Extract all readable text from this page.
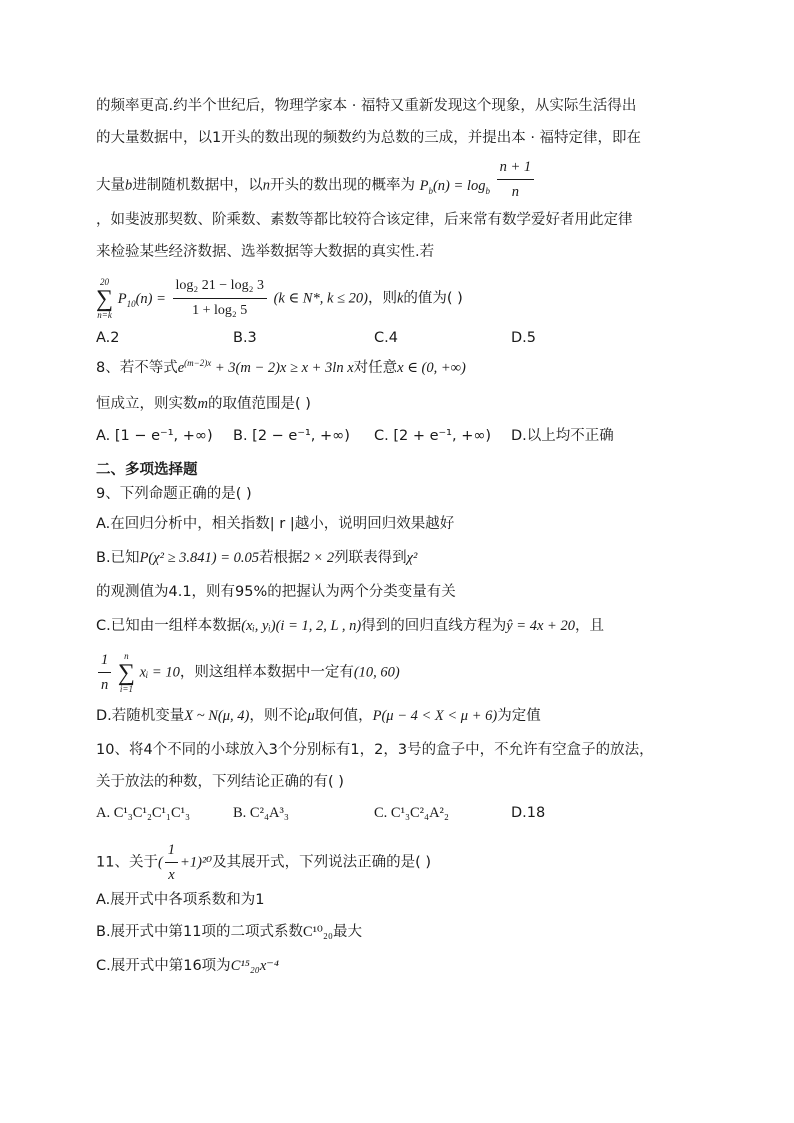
的频率更高.约半个世纪后，物理学家本 · 福特又重新发现这个现象，从实际生活得出
的大量数据中，以1开头的数出现的频数约为总数的三成，并提出本 · 福特定律，即在
大量b进制随机数据中，以n开头的数出现的概率为 $P_b(n) = \log_b \frac{n + 1}{n}$
，如斐波那契数、阶乘数、素数等都比较符合该定律，后来常有数学爱好者用此定律
来检验某些经济数据、选举数据等大数据的真实性.若
20
∑
n=k
$P_{10}(n) = \frac{\text{log₂ 21 − log₂ 3}}{\text{1 + log₂ 5}} (k$ ∈ N*, k ≤ 20)，则k的值为( )
A.2	B.3	C.4	D.5
8、若不等式$e^{(m-2)x} + 3(m - 2)x \ge x + 3\ln$ x对任意x ∈ (0, +∞)
恒成立，则实数m的取值范围是( )
A. [1 − e⁻¹, +∞) B. [2 − e⁻¹, +∞) C. [2 + e⁻¹, +∞) D.以上均不正确
二、多项选择题
9、下列命题正确的是( )
A.在回归分析中，相关指数| r |越小，说明回归效果越好
B.已知P(χ² ≥ 3.841) = 0.05若根据2 × 2列联表得到χ²
的观测值为4.1，则有95%的把握认为两个分类变量有关
C.已知由一组样本数据(xᵢ, yᵢ)(i = 1, 2, L , n)得到的回归直线方程为ŷ = 4x + 20，且
$\frac{1}{n}$
	n
∑
i=1
xᵢ = 10，则这组样本数据中一定有(10, 60)
D.若随机变量X ~ N(μ, 4)，则不论μ取何值，P(μ − 4 < X < μ + 6)为定值
10、将4个不同的小球放入3个分别标有1，2，3号的盒子中，不允许有空盒子的放法，
关于放法的种数，下列结论正确的有( )
A. C¹₃C¹₂C¹₁C¹₃	B. C²₄A³₃	C. C¹₃C²₄A²₂	D.18
11、关于( $\frac{1}{x} +1)^{20}$及其展开式，下列说法正确的是( )
A.展开式中各项系数和为1
B.展开式中第11项的二项式系数C¹⁰₂₀最大
C.展开式中第16项为C¹⁵₂₀x⁻⁴
